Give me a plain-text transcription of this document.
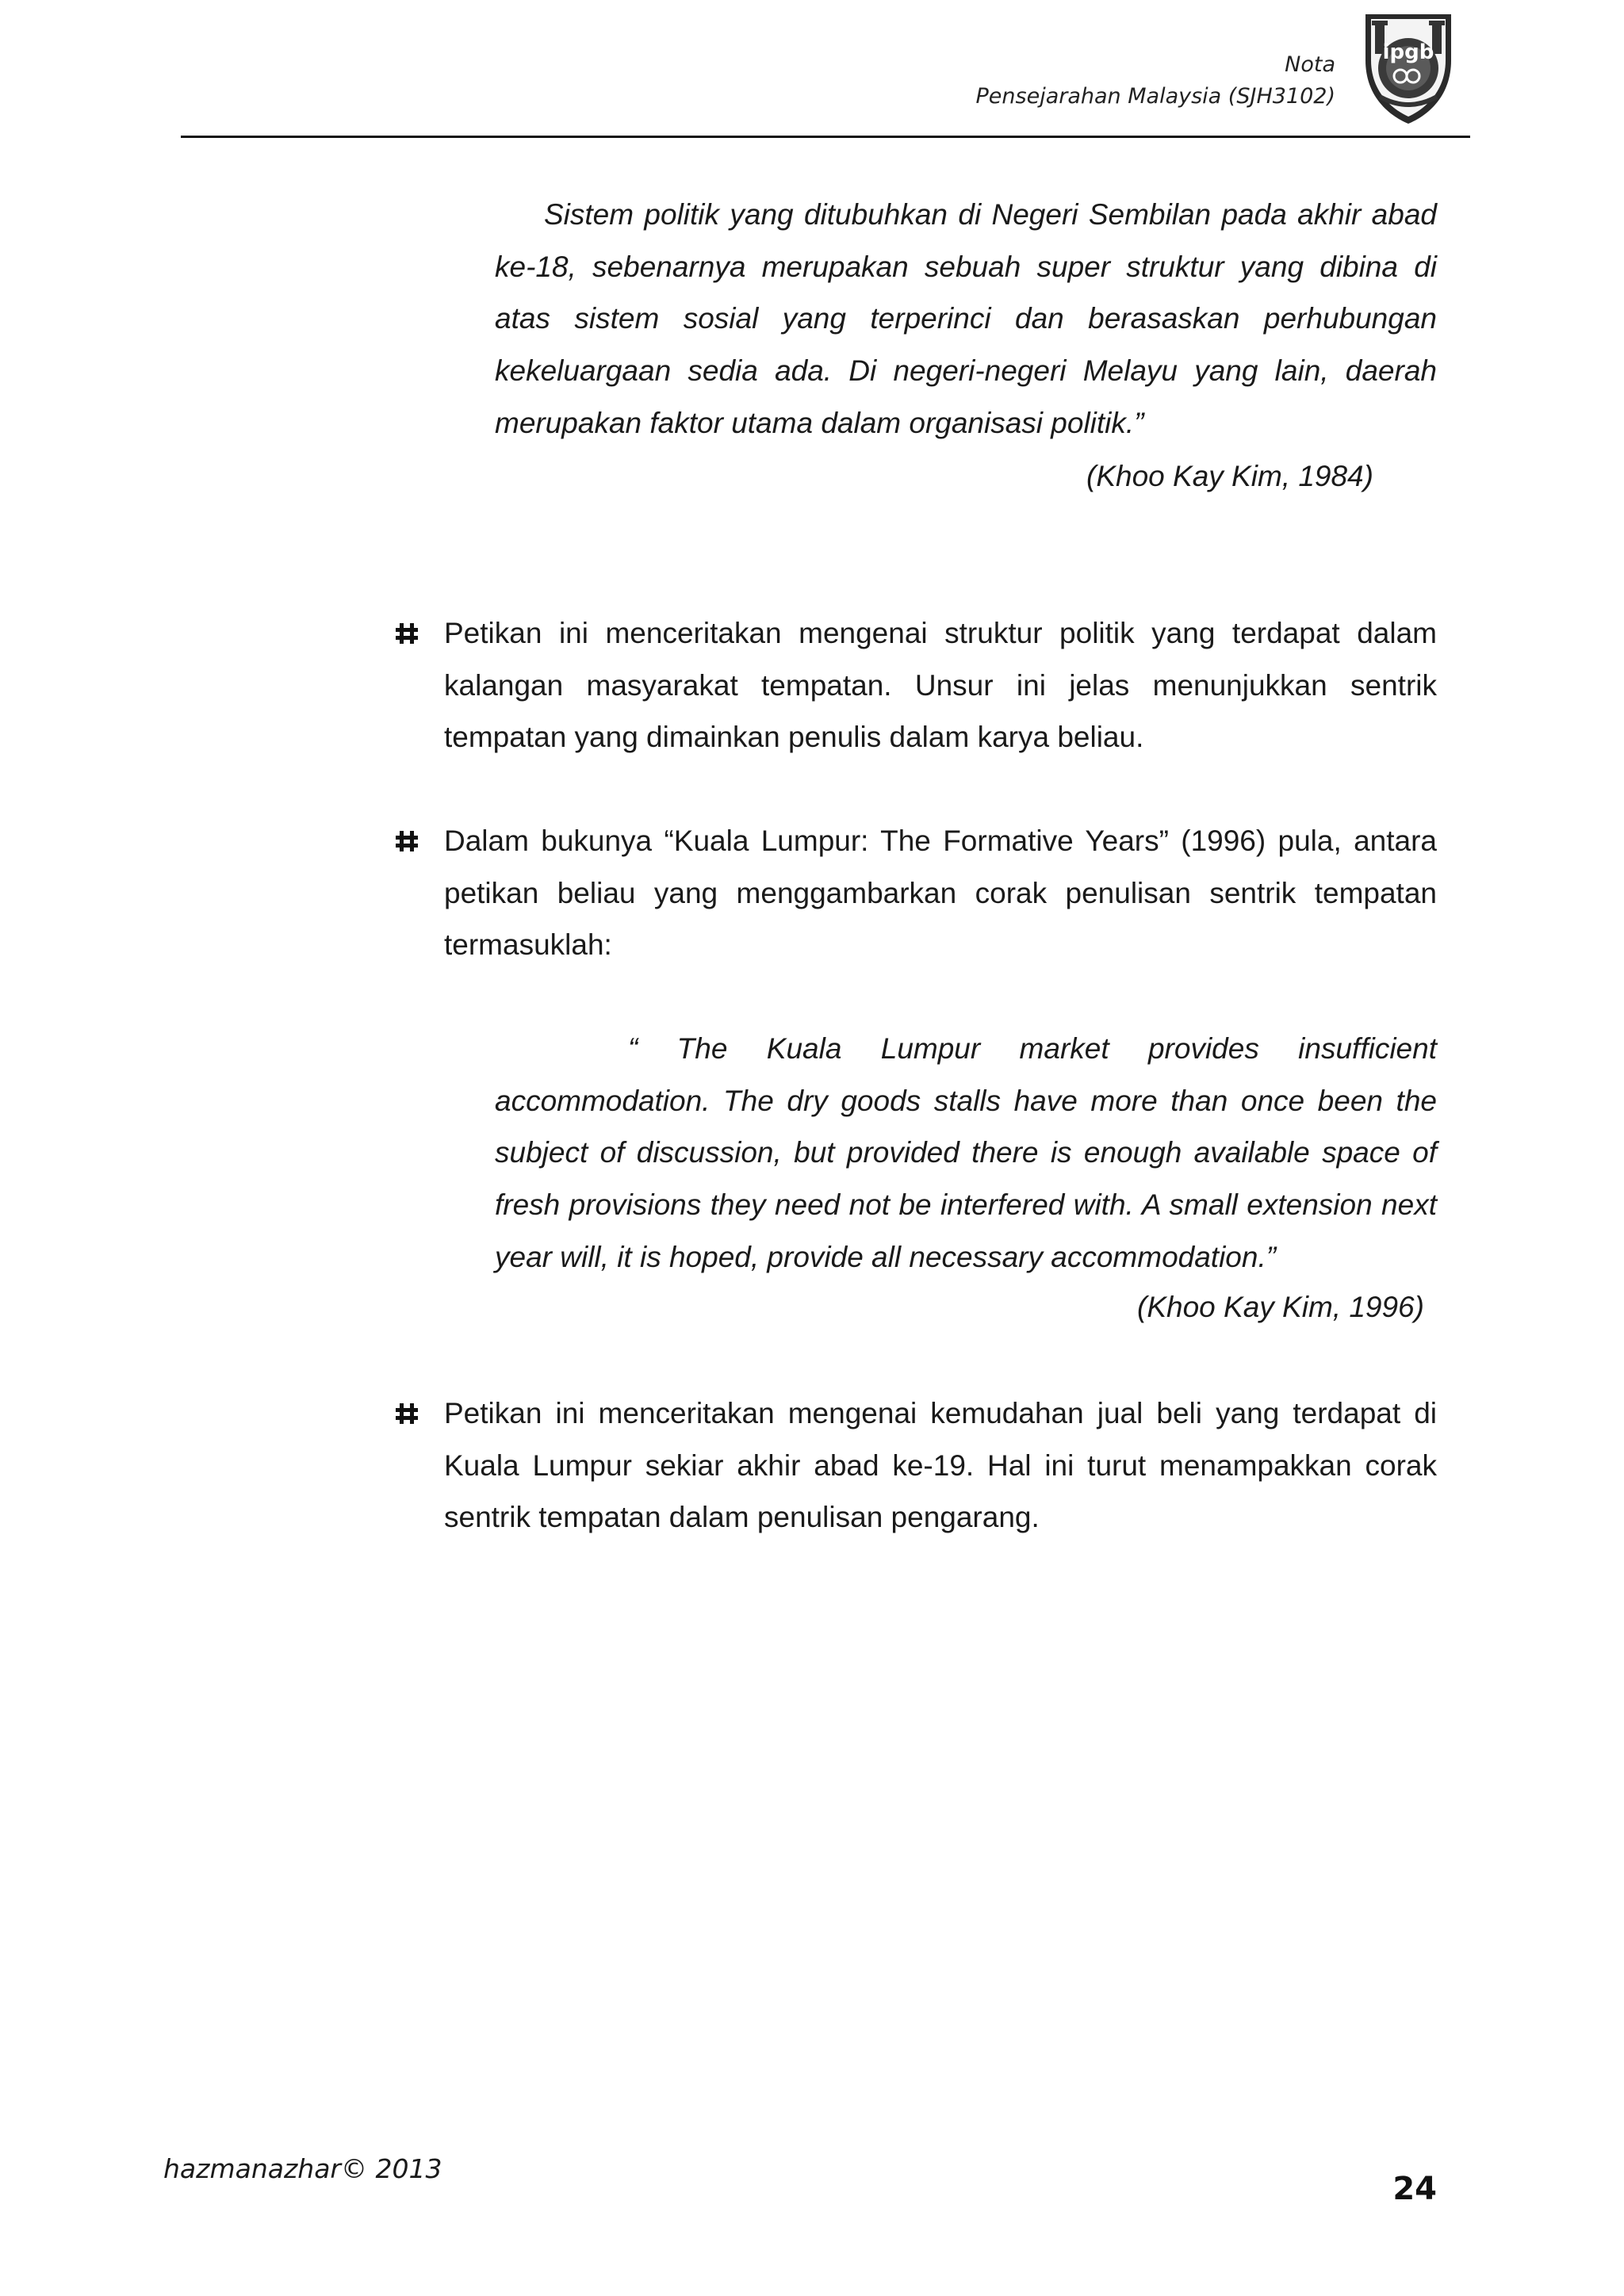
Nota
Pensejarahan Malaysia (SJH3102)
ipgb

Sistem politik yang ditubuhkan di Negeri Sembilan pada akhir abad ke-18, sebenarnya merupakan sebuah super struktur yang dibina di atas sistem sosial yang terperinci dan berasaskan perhubungan kekeluargaan sedia ada. Di negeri-negeri Melayu yang lain, daerah merupakan faktor utama dalam organisasi politik.”

(Khoo Kay Kim, 1984)
Petikan ini menceritakan mengenai struktur politik yang terdapat dalam kalangan masyarakat tempatan. Unsur ini jelas menunjukkan sentrik tempatan yang dimainkan penulis dalam karya beliau.
Dalam bukunya “Kuala Lumpur: The Formative Years” (1996) pula, antara petikan beliau yang menggambarkan corak penulisan sentrik tempatan termasuklah:

“ The Kuala Lumpur market provides insufficient accommodation. The dry goods stalls have more than once been the subject of discussion, but provided there is enough available space of fresh provisions they need not be interfered with. A small extension next year will, it is hoped, provide all necessary accommodation.”

(Khoo Kay Kim, 1996)
Petikan ini menceritakan mengenai kemudahan jual beli yang terdapat di Kuala Lumpur sekiar akhir abad ke-19. Hal ini turut menampakkan corak sentrik tempatan dalam penulisan pengarang.
hazmanazhar© 2013
24
